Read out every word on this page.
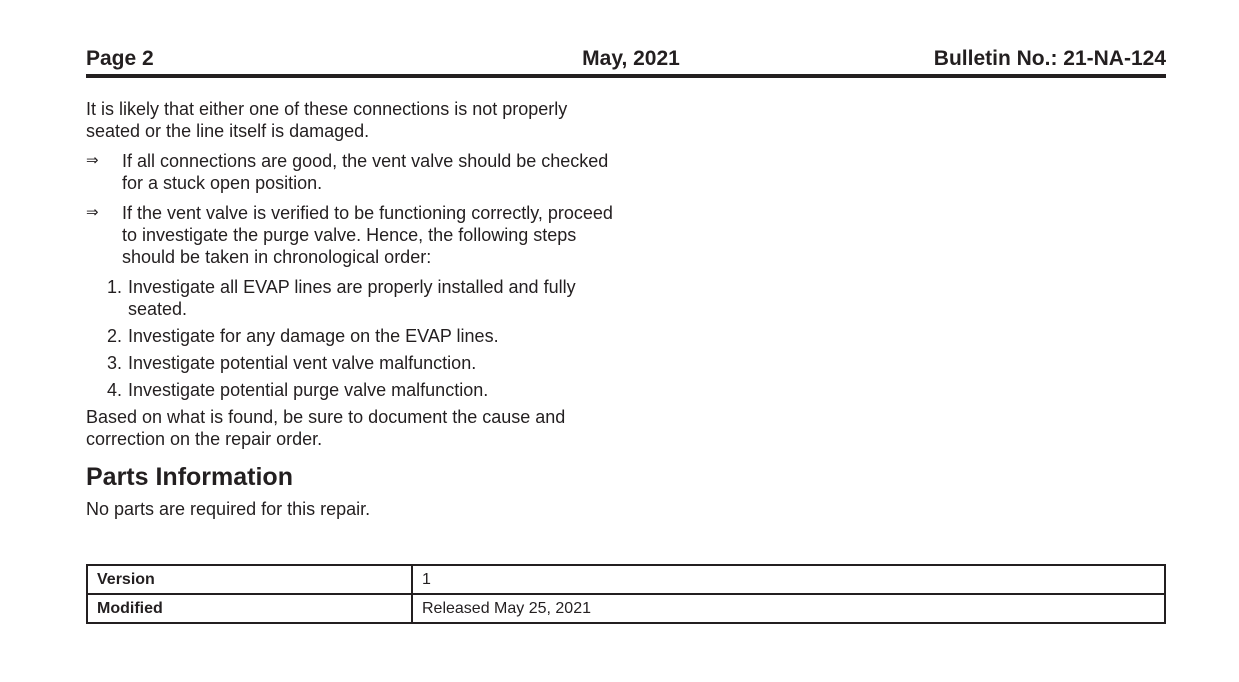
Page 2	May, 2021	Bulletin No.: 21-NA-124

It is likely that either one of these connections is not properly seated or the line itself is damaged.

⇒	If all connections are good, the vent valve should be checked for a stuck open position.
⇒	If the vent valve is verified to be functioning correctly, proceed to investigate the purge valve. Hence, the following steps should be taken in chronological order:
1. Investigate all EVAP lines are properly installed and fully seated.
2. Investigate for any damage on the EVAP lines.
3. Investigate potential vent valve malfunction.
4. Investigate potential purge valve malfunction.

Based on what is found, be sure to document the cause and correction on the repair order.

Parts Information

No parts are required for this repair.

Version	1
Modified	Released May 25, 2021
